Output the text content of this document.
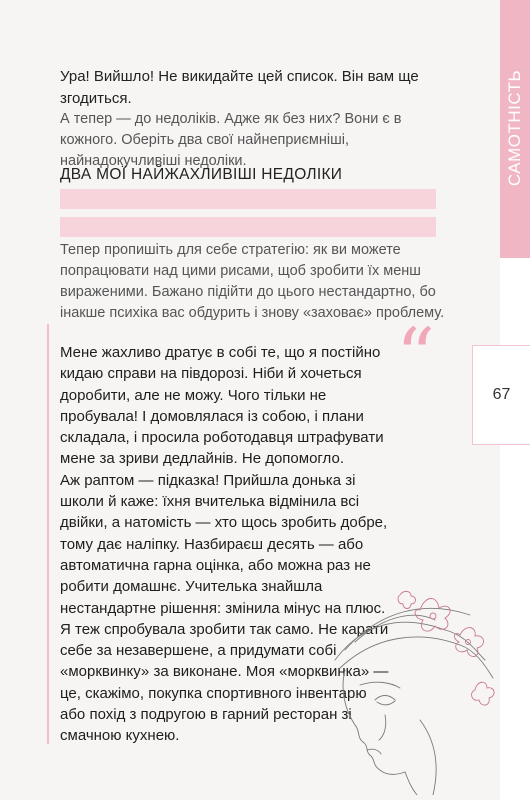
САМОТНІСТЬ
67
Ура! Вийшло! Не викидайте цей список. Він вам ще згодиться.
А тепер — до недоліків. Адже як без них? Вони є в кожного. Оберіть два свої найнеприємніші, найнадокучливіші недоліки.
ДВА МОЇ НАЙЖАХЛИВІШІ НЕДОЛІКИ
Тепер пропишіть для себе стратегію: як ви можете попрацювати над цими рисами, щоб зробити їх менш вираженими. Бажано підійти до цього нестандартно, бо інакше психіка вас обдурить і знову «заховає» проблему.
“

Мене жахливо дратує в собі те, що я постійно кидаю справи на півдорозі. Ніби й хочеться доробити, але не можу. Чого тільки не пробувала! І домовлялася із собою, і плани складала, і просила роботодавця штрафувати мене за зриви дедлайнів. Не допомогло.

Аж раптом — підказка! Прийшла донька зі школи й каже: їхня вчителька відмінила всі двійки, а натомість — хто щось зробить добре, тому дає наліпку. Назбираєш десять — або автоматична гарна оцінка, або можна раз не робити домашнє. Учителька знайшла нестандартне рішення: змінила мінус на плюс.

Я теж спробувала зробити так само. Не карати себе за незавершене, а придумати собі «морквинку» за виконане. Моя «морквинка» — це, скажімо, покупка спортивного інвентарю або похід з подругою в гарний ресторан зі смачною кухнею.
